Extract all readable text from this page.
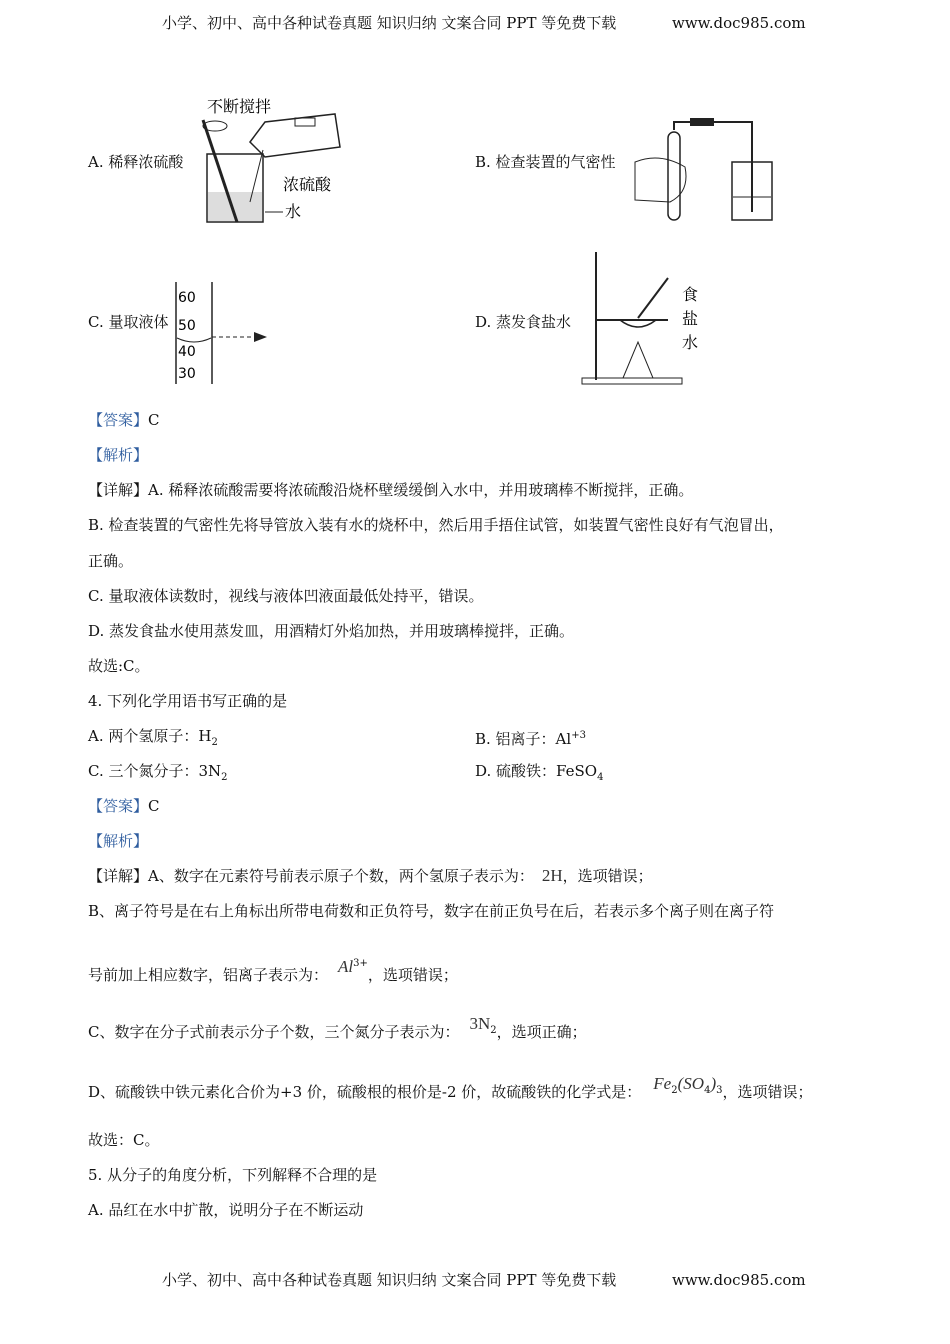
小学、初中、高中各种试卷真题 知识归纳 文案合同 PPT 等免费下载	www.doc985.com
A. 稀释浓硫酸
不断搅拌
浓硫酸
水
B. 检查装置的气密性
C. 量取液体
60
50
40
30
D. 蒸发食盐水
食
盐
水
【答案】C
【解析】
【详解】A. 稀释浓硫酸需要将浓硫酸沿烧杯壁缓缓倒入水中，并用玻璃棒不断搅拌，正确。
B. 检查装置的气密性先将导管放入装有水的烧杯中，然后用手捂住试管，如装置气密性良好有气泡冒出，
正确。
C. 量取液体读数时，视线与液体凹液面最低处持平，错误。
D. 蒸发食盐水使用蒸发皿，用酒精灯外焰加热，并用玻璃棒搅拌，正确。
故选:C。
4. 下列化学用语书写正确的是
A. 两个氢原子：$H_2$	B. 铝离子：$Al^{+3}$
C. 三个氮分子：$3N_2$	D. 硫酸铁：FeSO$_4$
【答案】C
【解析】
【详解】A、数字在元素符号前表示原子个数，两个氢原子表示为： 2H，选项错误；
B、离子符号是在右上角标出所带电荷数和正负符号，数字在前正负号在后，若表示多个离子则在离子符
号前加上相应数字，铝离子表示为： $Al^{3+}$，选项错误；
C、数字在分子式前表示分子个数，三个氮分子表示为： $3N_2$，选项正确；
D、硫酸铁中铁元素化合价为+3 价，硫酸根的根价是-2 价，故硫酸铁的化学式是： $Fe_2(SO_4)_3$，选项错误；
故选：C。
5. 从分子的角度分析，下列解释不合理的是
A. 品红在水中扩散，说明分子在不断运动
小学、初中、高中各种试卷真题 知识归纳 文案合同 PPT 等免费下载	www.doc985.com
